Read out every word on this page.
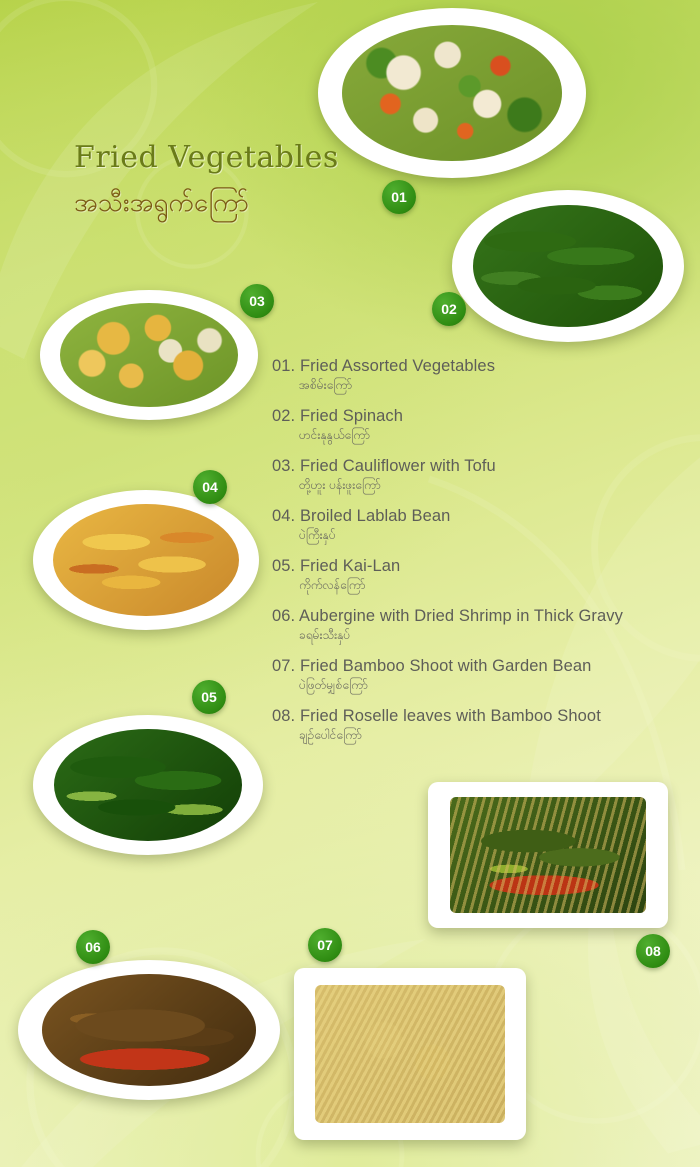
Fried Vegetables
အသီးအရွက်ကြော်	01
02
03
04
05
06	07	08
01. Fried Assorted Vegetables
အစိမ်းကြော်
02. Fried Spinach
ဟင်းနုနွယ်ကြော်
03. Fried Cauliflower with Tofu
တို့ဟူး ပန်းဖူးကြော်
04. Broiled Lablab Bean
ပဲကြီးနှပ်
05. Fried Kai-Lan
ကိုက်လန်ကြော်
06. Aubergine with Dried Shrimp in Thick Gravy
ခရမ်းသီးနှပ်
07. Fried Bamboo Shoot with Garden Bean
ပဲဖြတ်မျှစ်ကြော်
08. Fried Roselle leaves with Bamboo Shoot
ချဉ်ပေါင်ကြော်
